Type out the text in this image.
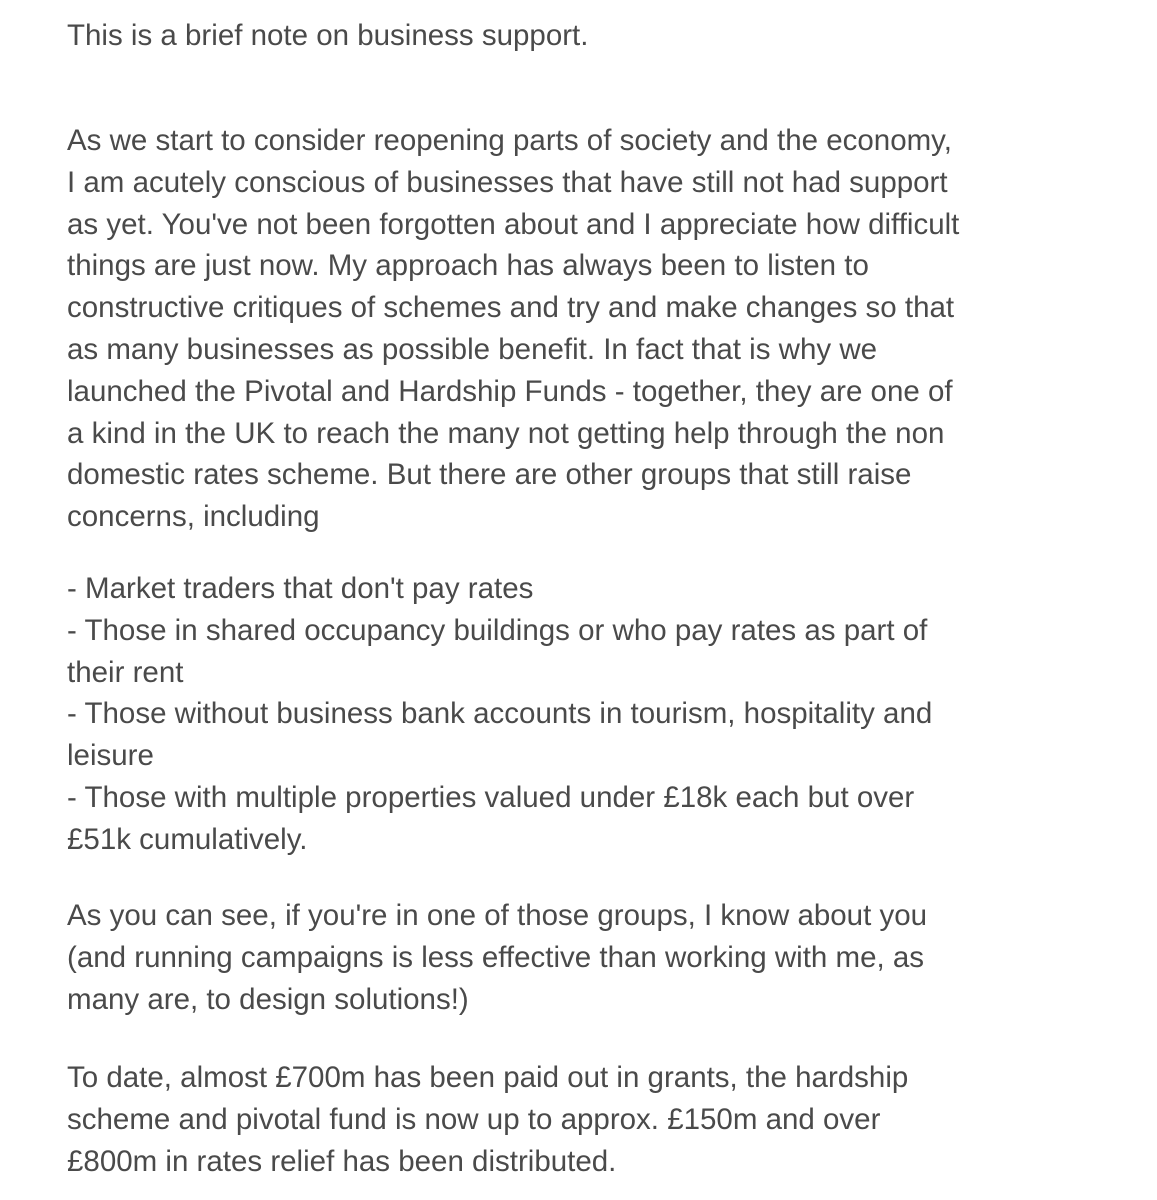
This is a brief note on business support.

As we start to consider reopening parts of society and the economy,
I am acutely conscious of businesses that have still not had support
as yet. You've not been forgotten about and I appreciate how difficult
things are just now. My approach has always been to listen to
constructive critiques of schemes and try and make changes so that
as many businesses as possible benefit. In fact that is why we
launched the Pivotal and Hardship Funds - together, they are one of
a kind in the UK to reach the many not getting help through the non
domestic rates scheme. But there are other groups that still raise
concerns, including

- Market traders that don't pay rates

- Those in shared occupancy buildings or who pay rates as part of
their rent

- Those without business bank accounts in tourism, hospitality and
leisure

- Those with multiple properties valued under £18k each but over
£51k cumulatively.

As you can see, if you're in one of those groups, I know about you
(and running campaigns is less effective than working with me, as
many are, to design solutions!)

To date, almost £700m has been paid out in grants, the hardship
scheme and pivotal fund is now up to approx. £150m and over
£800m in rates relief has been distributed.
